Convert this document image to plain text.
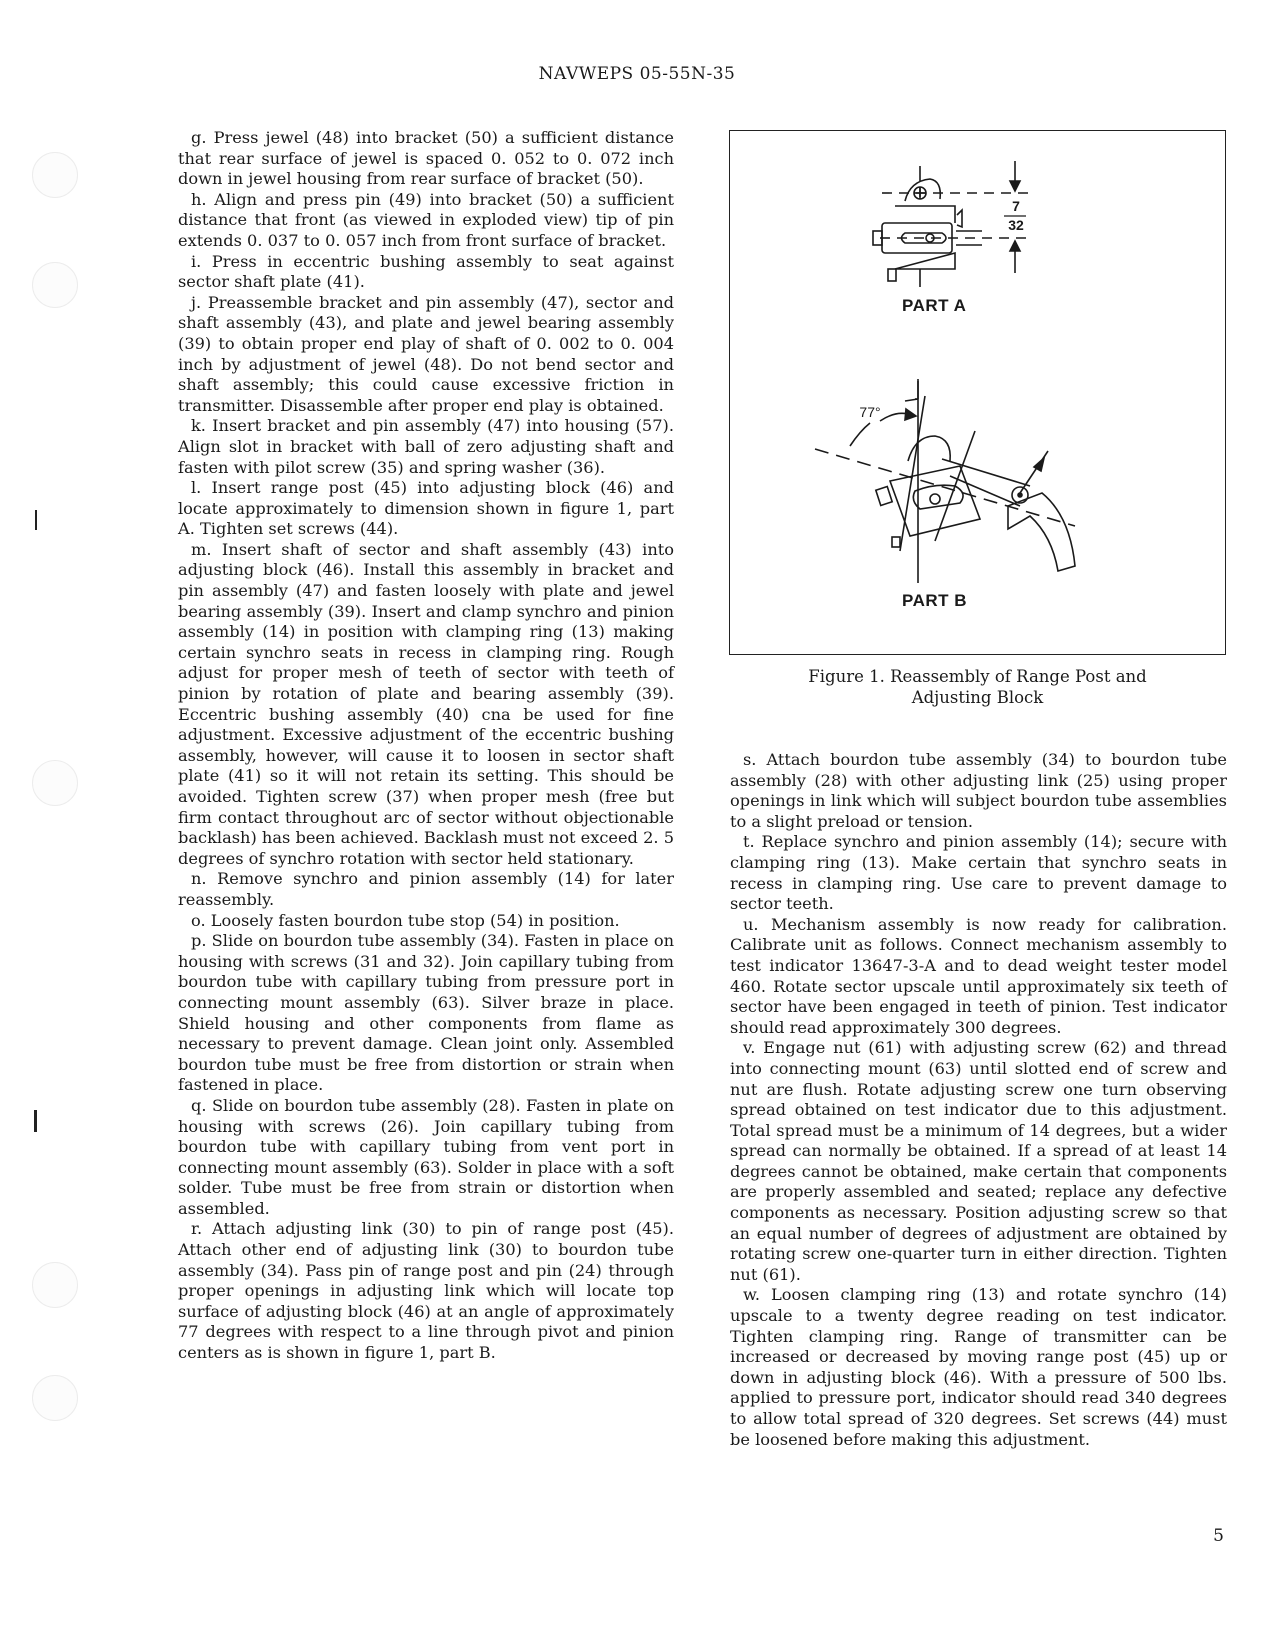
NAVWEPS 05-55N-35

g. Press jewel (48) into bracket (50) a sufficient distance that rear surface of jewel is spaced 0. 052 to 0. 072 inch down in jewel housing from rear surface of bracket (50).

h. Align and press pin (49) into bracket (50) a sufficient distance that front (as viewed in exploded view) tip of pin extends 0. 037 to 0. 057 inch from front surface of bracket.

i. Press in eccentric bushing assembly to seat against sector shaft plate (41).

j. Preassemble bracket and pin assembly (47), sector and shaft assembly (43), and plate and jewel bearing assembly (39) to obtain proper end play of shaft of 0. 002 to 0. 004 inch by adjustment of jewel (48). Do not bend sector and shaft assembly; this could cause excessive friction in transmitter. Disassemble after proper end play is obtained.

k. Insert bracket and pin assembly (47) into housing (57). Align slot in bracket with ball of zero adjusting shaft and fasten with pilot screw (35) and spring washer (36).

l. Insert range post (45) into adjusting block (46) and locate approximately to dimension shown in figure 1, part A. Tighten set screws (44).

m. Insert shaft of sector and shaft assembly (43) into adjusting block (46). Install this assembly in bracket and pin assembly (47) and fasten loosely with plate and jewel bearing assembly (39). Insert and clamp synchro and pinion assembly (14) in position with clamping ring (13) making certain synchro seats in recess in clamping ring. Rough adjust for proper mesh of teeth of sector with teeth of pinion by rotation of plate and bearing assembly (39). Eccentric bushing assembly (40) cna be used for fine adjustment. Excessive adjustment of the eccentric bushing assembly, however, will cause it to loosen in sector shaft plate (41) so it will not retain its setting. This should be avoided. Tighten screw (37) when proper mesh (free but firm contact throughout arc of sector without objectionable backlash) has been achieved. Backlash must not exceed 2. 5 degrees of synchro rotation with sector held stationary.

n. Remove synchro and pinion assembly (14) for later reassembly.

o. Loosely fasten bourdon tube stop (54) in position.

p. Slide on bourdon tube assembly (34). Fasten in place on housing with screws (31 and 32). Join capillary tubing from bourdon tube with capillary tubing from pressure port in connecting mount assembly (63). Silver braze in place. Shield housing and other components from flame as necessary to prevent damage. Clean joint only. Assembled bourdon tube must be free from distortion or strain when fastened in place.

q. Slide on bourdon tube assembly (28). Fasten in plate on housing with screws (26). Join capillary tubing from bourdon tube with capillary tubing from vent port in connecting mount assembly (63). Solder in place with a soft solder. Tube must be free from strain or distortion when assembled.

r. Attach adjusting link (30) to pin of range post (45). Attach other end of adjusting link (30) to bourdon tube assembly (34). Pass pin of range post and pin (24) through proper openings in adjusting link which will locate top surface of adjusting block (46) at an angle of approximately 77 degrees with respect to a line through pivot and pinion centers as is shown in figure 1, part B.

PART A
7
32
77°
PART B
Figure 1. Reassembly of Range Post and
Adjusting Block

s. Attach bourdon tube assembly (34) to bourdon tube assembly (28) with other adjusting link (25) using proper openings in link which will subject bourdon tube assemblies to a slight preload or tension.

t. Replace synchro and pinion assembly (14); secure with clamping ring (13). Make certain that synchro seats in recess in clamping ring. Use care to prevent damage to sector teeth.

u. Mechanism assembly is now ready for calibration. Calibrate unit as follows. Connect mechanism assembly to test indicator 13647-3-A and to dead weight tester model 460. Rotate sector upscale until approximately six teeth of sector have been engaged in teeth of pinion. Test indicator should read approximately 300 degrees.

v. Engage nut (61) with adjusting screw (62) and thread into connecting mount (63) until slotted end of screw and nut are flush. Rotate adjusting screw one turn observing spread obtained on test indicator due to this adjustment. Total spread must be a minimum of 14 degrees, but a wider spread can normally be obtained. If a spread of at least 14 degrees cannot be obtained, make certain that components are properly assembled and seated; replace any defective components as necessary. Position adjusting screw so that an equal number of degrees of adjustment are obtained by rotating screw one-quarter turn in either direction. Tighten nut (61).

w. Loosen clamping ring (13) and rotate synchro (14) upscale to a twenty degree reading on test indicator. Tighten clamping ring. Range of transmitter can be increased or decreased by moving range post (45) up or down in adjusting block (46). With a pressure of 500 lbs. applied to pressure port, indicator should read 340 degrees to allow total spread of 320 degrees. Set screws (44) must be loosened before making this adjustment.

5
